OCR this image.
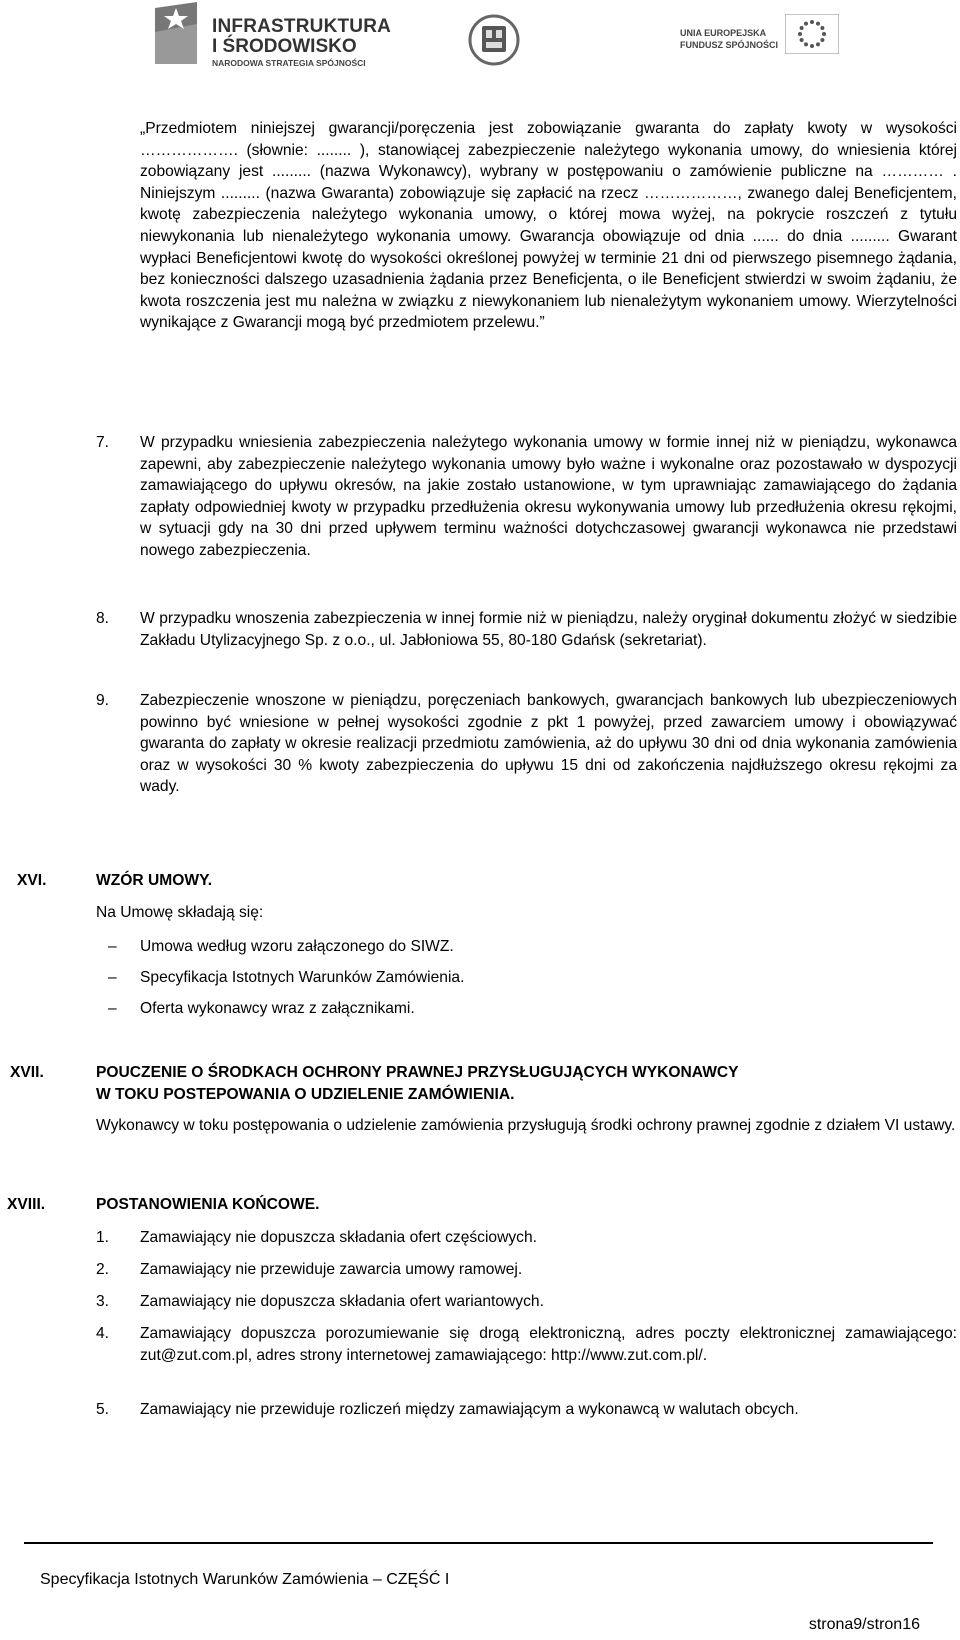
INFRASTRUKTURA
I ŚRODOWISKO
NARODOWA STRATEGIA SPÓJNOŚCI
UNIA EUROPEJSKA
FUNDUSZ SPÓJNOŚCI
„Przedmiotem niniejszej gwarancji/poręczenia jest zobowiązanie gwaranta do zapłaty kwoty w wysokości ………………. (słownie: ........ ), stanowiącej zabezpieczenie należytego wykonania umowy, do wniesienia której zobowiązany jest ......... (nazwa Wykonawcy), wybrany w postępowaniu o zamówienie publiczne na ………… . Niniejszym ......... (nazwa Gwaranta) zobowiązuje się zapłacić na rzecz ………………, zwanego dalej Beneficjentem, kwotę zabezpieczenia należytego wykonania umowy, o której mowa wyżej, na pokrycie roszczeń z tytułu niewykonania lub nienależytego wykonania umowy. Gwarancja obowiązuje od dnia ...... do dnia ......... Gwarant wypłaci Beneficjentowi kwotę do wysokości określonej powyżej w terminie 21 dni od pierwszego pisemnego żądania, bez konieczności dalszego uzasadnienia żądania przez Beneficjenta, o ile Beneficjent stwierdzi w swoim żądaniu, że kwota roszczenia jest mu należna w związku z niewykonaniem lub nienależytym wykonaniem umowy. Wierzytelności wynikające z Gwarancji mogą być przedmiotem przelewu.”
7. W przypadku wniesienia zabezpieczenia należytego wykonania umowy w formie innej niż w pieniądzu, wykonawca zapewni, aby zabezpieczenie należytego wykonania umowy było ważne i wykonalne oraz pozostawało w dyspozycji zamawiającego do upływu okresów, na jakie zostało ustanowione, w tym uprawniając zamawiającego do żądania zapłaty odpowiedniej kwoty w przypadku przedłużenia okresu wykonywania umowy lub przedłużenia okresu rękojmi, w sytuacji gdy na 30 dni przed upływem terminu ważności dotychczasowej gwarancji wykonawca nie przedstawi nowego zabezpieczenia.
8. W przypadku wnoszenia zabezpieczenia w innej formie niż w pieniądzu, należy oryginał dokumentu złożyć w siedzibie Zakładu Utylizacyjnego Sp. z o.o., ul. Jabłoniowa 55, 80-180 Gdańsk (sekretariat).
9. Zabezpieczenie wnoszone w pieniądzu, poręczeniach bankowych, gwarancjach bankowych lub ubezpieczeniowych powinno być wniesione w pełnej wysokości zgodnie z pkt 1 powyżej, przed zawarciem umowy i obowiązywać gwaranta do zapłaty w okresie realizacji przedmiotu zamówienia, aż do upływu 30 dni od dnia wykonania zamówienia oraz w wysokości 30 % kwoty zabezpieczenia do upływu 15 dni od zakończenia najdłuższego okresu rękojmi za wady.
XVI.	WZÓR UMOWY.
Na Umowę składają się:
– Umowa według wzoru załączonego do SIWZ.
– Specyfikacja Istotnych Warunków Zamówienia.
– Oferta wykonawcy wraz z załącznikami.
XVII.	POUCZENIE O ŚRODKACH OCHRONY PRAWNEJ PRZYSŁUGUJĄCYCH WYKONAWCY
W TOKU POSTEPOWANIA O UDZIELENIE ZAMÓWIENIA.
Wykonawcy w toku postępowania o udzielenie zamówienia przysługują środki ochrony prawnej zgodnie z działem VI ustawy.
XVIII.	POSTANOWIENIA KOŃCOWE.
1. Zamawiający nie dopuszcza składania ofert częściowych.
2. Zamawiający nie przewiduje zawarcia umowy ramowej.
3. Zamawiający nie dopuszcza składania ofert wariantowych.
4. Zamawiający dopuszcza porozumiewanie się drogą elektroniczną, adres poczty elektronicznej zamawiającego: zut@zut.com.pl, adres strony internetowej zamawiającego: http://www.zut.com.pl/.
5. Zamawiający nie przewiduje rozliczeń między zamawiającym a wykonawcą w walutach obcych.
Specyfikacja Istotnych Warunków Zamówienia – CZĘŚĆ I
strona9/stron16
